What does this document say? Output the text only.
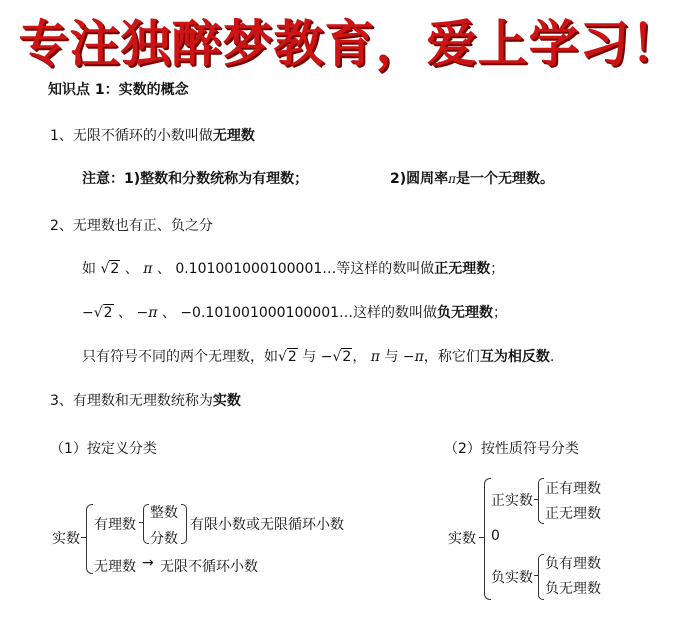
专注独醉梦教育，爱上学习！
知识点 1：实数的概念
1、无限不循环的小数叫做无理数
注意：1)整数和分数统称为有理数；	2)圆周率π是一个无理数。
2、无理数也有正、负之分
如 √2 、 π 、 0.101001000100001…等这样的数叫做正无理数；
−√2 、 −π 、 −0.101001000100001…这样的数叫做负无理数；
只有符号不同的两个无理数，如√2 与 −√2， π 与 −π，称它们互为相反数.
3、有理数和无理数统称为实数
（1）按定义分类
实数
有理数
整数
分数
有限小数或无限循环小数
无理数 → 无限不循环小数
（2）按性质符号分类
实数
正实数
正有理数
正无理数
0
负实数
负有理数
负无理数
